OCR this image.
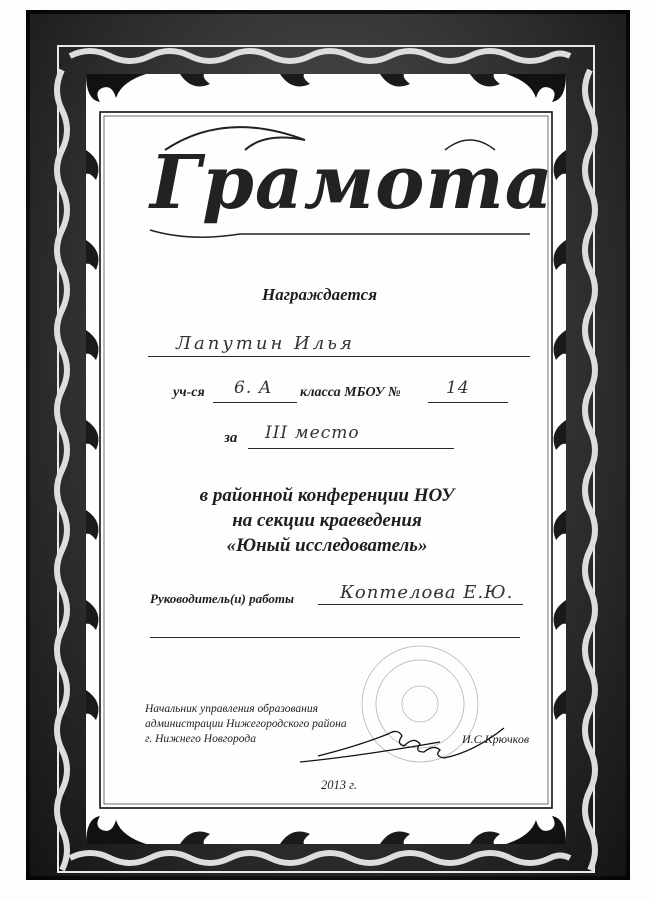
Грамота
Награждается
Лапутин Илья
уч-ся 6. А класса МБОУ №	14
за III место
в районной конференции НОУ
на секции краеведения
«Юный исследователь»
Руководитель(и) работы	Коптелова Е.Ю.
Начальник управления образования
администрации Нижегородского района
г. Нижнего Новгорода	И.С.Крючков
2013 г.
